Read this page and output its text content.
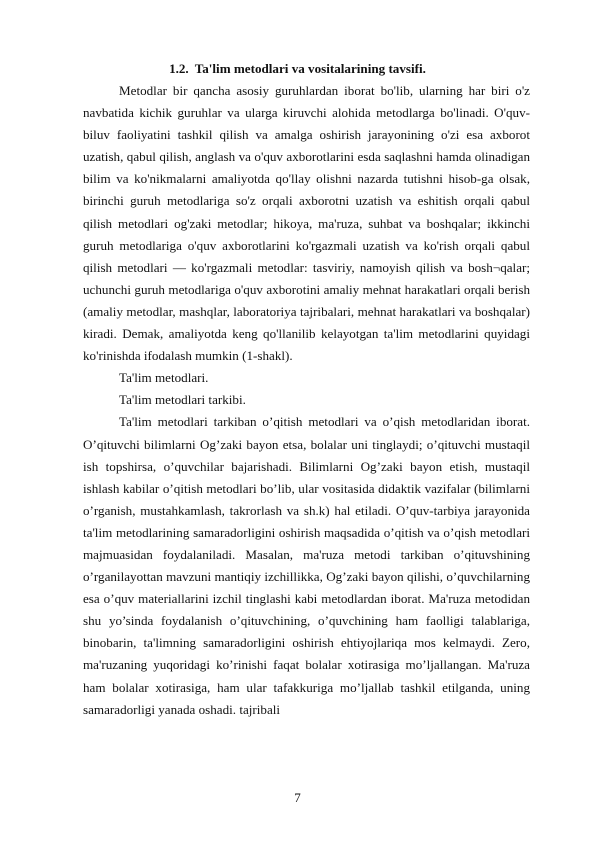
1.2. Ta'lim metodlari va vositalarining tavsifi.

Metodlar bir qancha asosiy guruhlardan iborat bo'lib, ularning har biri o'z navbatida kichik guruhlar va ularga kiruvchi alohida metodlarga bo'linadi. O'quv-biluv faoliyatini tashkil qilish va amalga oshirish jarayonining o'zi esa axborot uzatish, qabul qilish, anglash va o'quv axborotlarini esda saqlashni hamda olinadigan bilim va ko'nikmalarni amaliyotda qo'llay olishni nazarda tutishni hisob-ga olsak, birinchi guruh metodlariga so'z orqali axborotni uzatish va eshitish orqali qabul qilish metodlari og'zaki metodlar; hikoya, ma'ruza, suhbat va boshqalar; ikkinchi guruh metodlariga o'quv axborotlarini ko'rgazmali uzatish va ko'rish orqali qabul qilish metodlari — ko'rgazmali metodlar: tasviriy, namoyish qilish va bosh¬qalar; uchunchi guruh metodlariga o'quv axborotini amaliy mehnat harakatlari orqali berish (amaliy metodlar, mashqlar, laboratoriya tajribalari, mehnat harakatlari va boshqalar) kiradi. Demak, amaliyotda keng qo'llanilib kelayotgan ta'lim metodlarini quyidagi ko'rinishda ifodalash mumkin (1-shakl).

Ta'lim metodlari.

Ta'lim metodlari tarkibi.

Ta'lim metodlari tarkiban o’qitish metodlari va o’qish metodlaridan iborat. O’qituvchi bilimlarni Og’zaki bayon etsa, bolalar uni tinglaydi; o’qituvchi mustaqil ish topshirsa, o’quvchilar bajarishadi. Bilimlarni Og’zaki bayon etish, mustaqil ishlash kabilar o’qitish metodlari bo’lib, ular vositasida didaktik vazifalar (bilimlarni o’rganish, mustahkamlash, takrorlash va sh.k) hal etiladi. O’quv-tarbiya jarayonida ta'lim metodlarining samaradorligini oshirish maqsadida o’qitish va o’qish metodlari majmuasidan foydalaniladi. Masalan, ma'ruza metodi tarkiban o’qituvshining o’rganilayottan mavzuni mantiqiy izchillikka, Og’zaki bayon qilishi, o’quvchilarning esa o’quv materiallarini izchil tinglashi kabi metodlardan iborat. Ma'ruza metodidan shu yo’sinda foydalanish o’qituvchining, o’quvchining ham faolligi talablariga, binobarin, ta'limning samaradorligini oshirish ehtiyojlariqa mos kelmaydi. Zero, ma'ruzaning yuqoridagi ko’rinishi faqat bolalar xotirasiga mo’ljallangan. Ma'ruza ham bolalar xotirasiga, ham ular tafakkuriga mo’ljallab tashkil etilganda, uning samaradorligi yanada oshadi. tajribali

7
